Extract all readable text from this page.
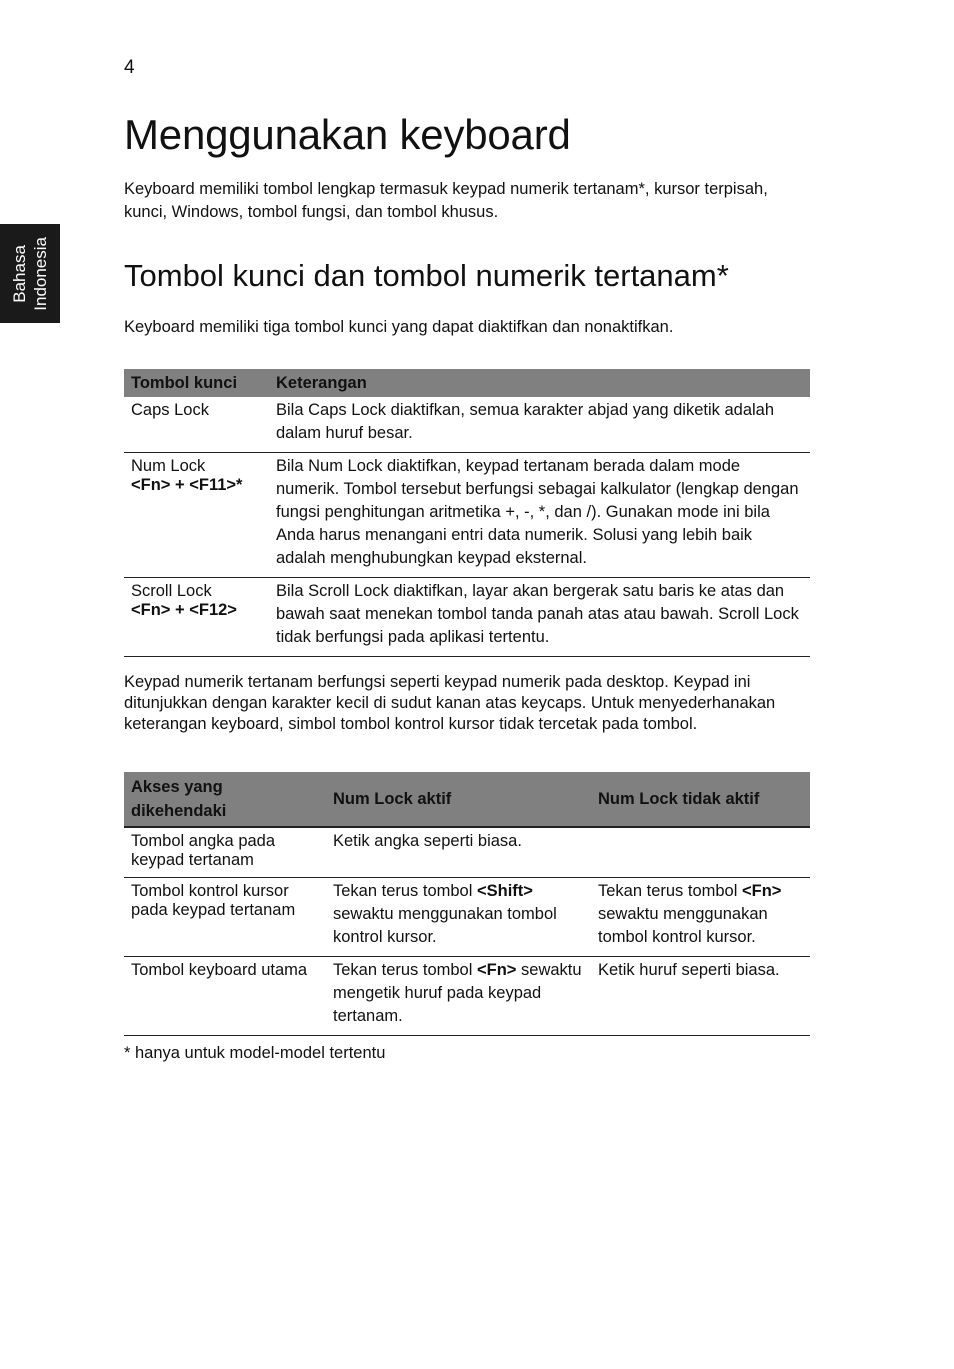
4
Bahasa Indonesia
Menggunakan keyboard

Keyboard memiliki tombol lengkap termasuk keypad numerik tertanam*, kursor terpisah, kunci, Windows, tombol fungsi, dan tombol khusus.

Tombol kunci dan tombol numerik tertanam*

Keyboard memiliki tiga tombol kunci yang dapat diaktifkan dan nonaktifkan.

Tombol kunci	Keterangan

Caps Lock	Bila Caps Lock diaktifkan, semua karakter abjad yang diketik adalah dalam huruf besar.

Num Lock
<Fn> + <F11>*	Bila Num Lock diaktifkan, keypad tertanam berada dalam mode numerik. Tombol tersebut berfungsi sebagai kalkulator (lengkap dengan fungsi penghitungan aritmetika +, -, *, dan /). Gunakan mode ini bila Anda harus menangani entri data numerik. Solusi yang lebih baik adalah menghubungkan keypad eksternal.

Scroll Lock
<Fn> + <F12>	Bila Scroll Lock diaktifkan, layar akan bergerak satu baris ke atas dan bawah saat menekan tombol tanda panah atas atau bawah. Scroll Lock tidak berfungsi pada aplikasi tertentu.

Keypad numerik tertanam berfungsi seperti keypad numerik pada desktop. Keypad ini ditunjukkan dengan karakter kecil di sudut kanan atas keycaps. Untuk menyederhanakan keterangan keyboard, simbol tombol kontrol kursor tidak tercetak pada tombol.

Akses yang dikehendaki	Num Lock aktif	Num Lock tidak aktif

Tombol angka pada keypad tertanam	Ketik angka seperti biasa.	

Tombol kontrol kursor pada keypad tertanam	Tekan terus tombol <Shift> sewaktu menggunakan tombol kontrol kursor.	Tekan terus tombol <Fn> sewaktu menggunakan tombol kontrol kursor.

Tombol keyboard utama	Tekan terus tombol <Fn> sewaktu mengetik huruf pada keypad tertanam.	Ketik huruf seperti biasa.
* hanya untuk model-model tertentu
